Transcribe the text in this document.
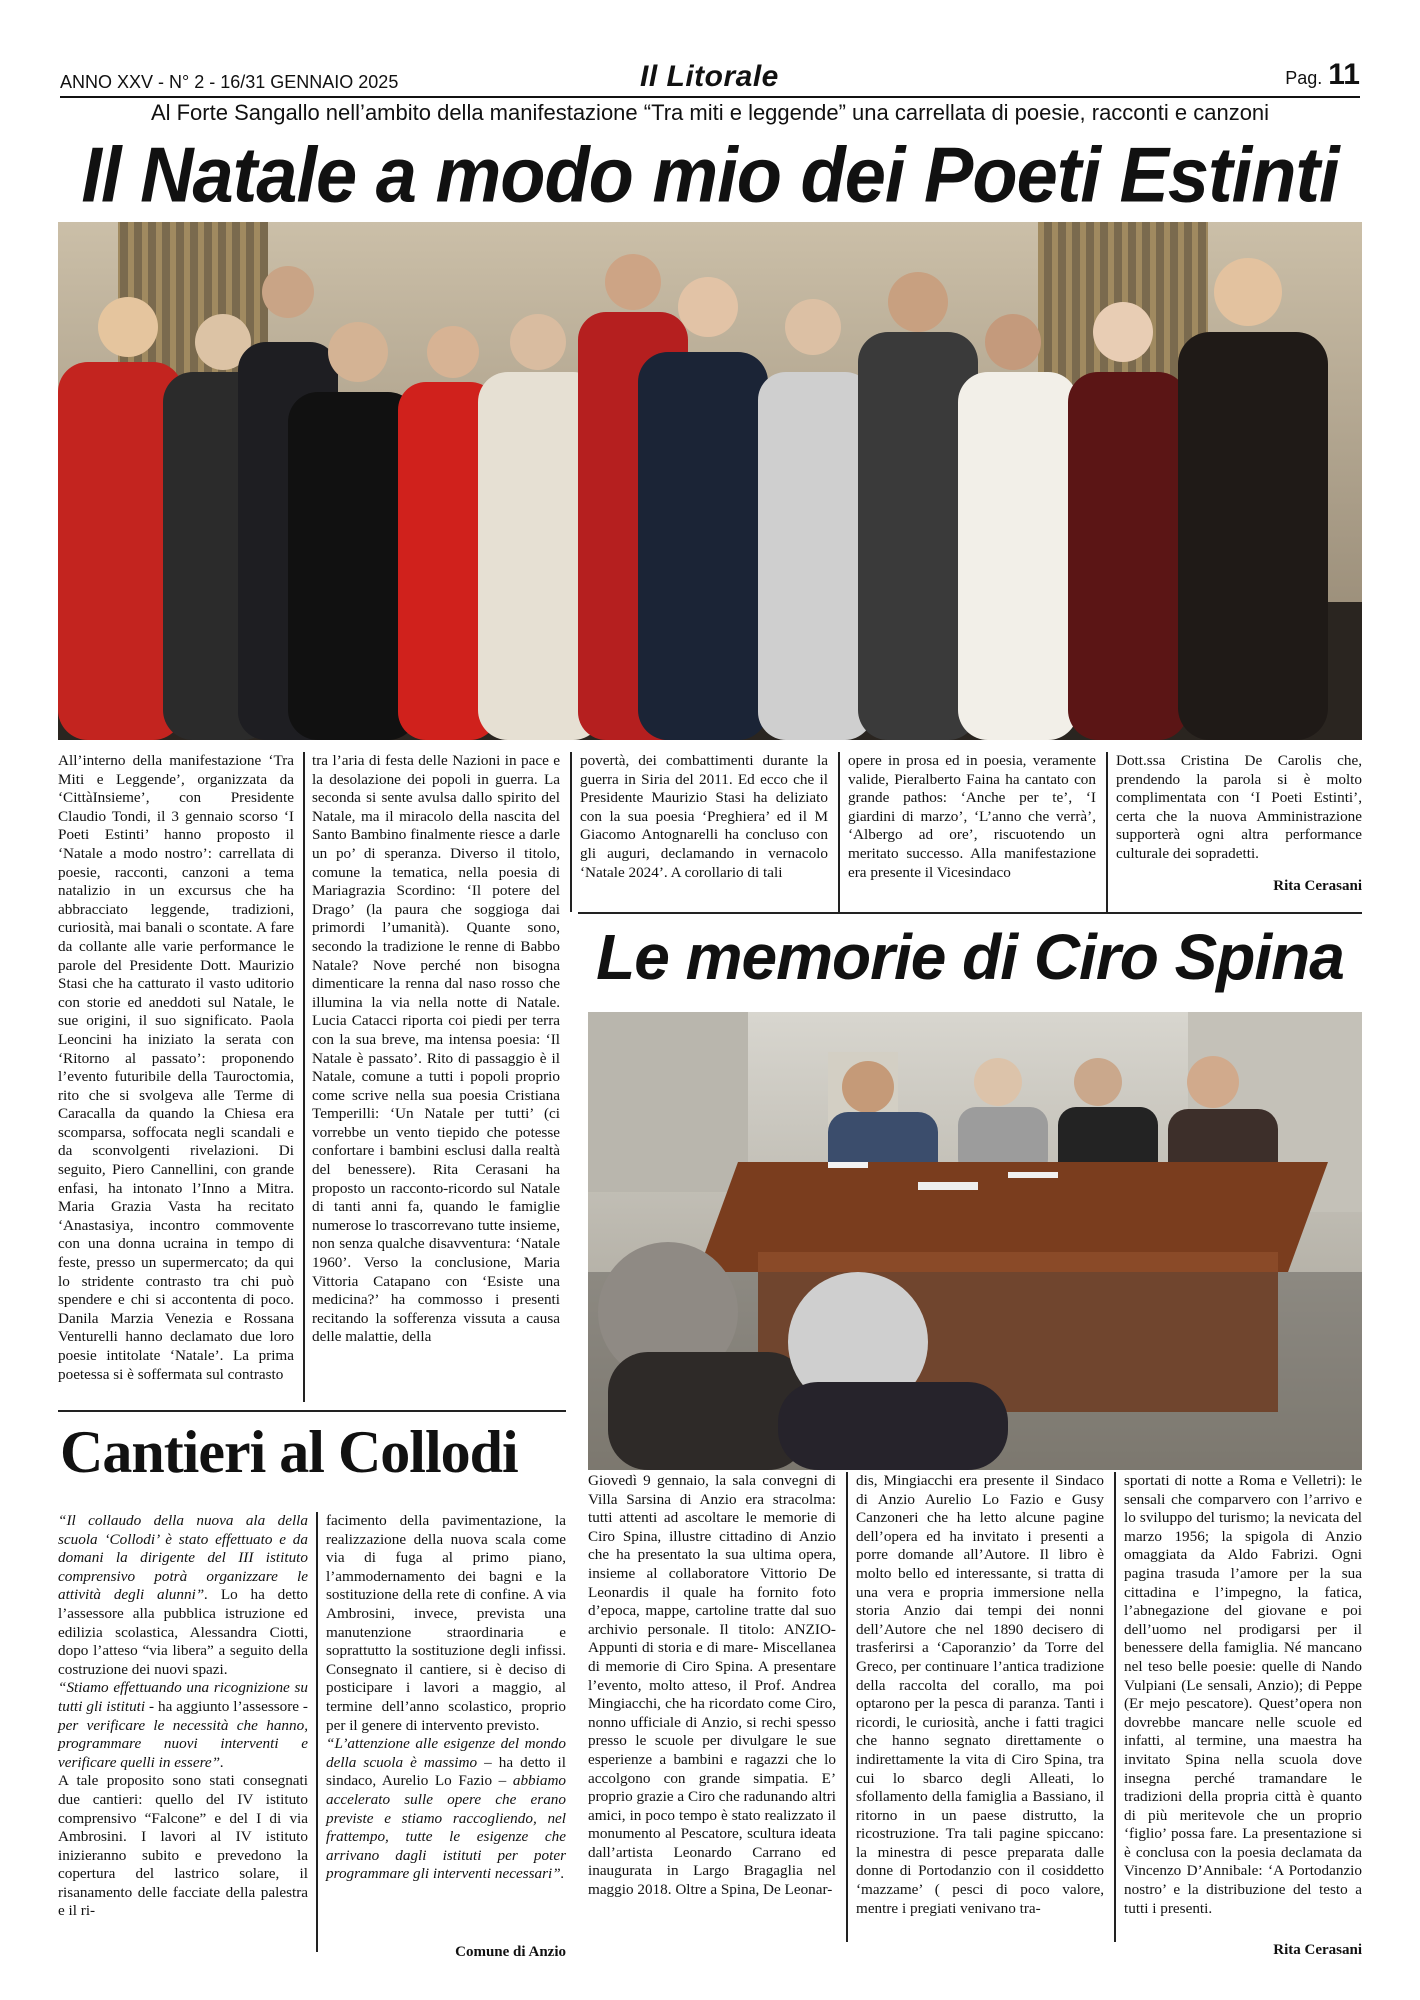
ANNO XXV - N° 2 - 16/31 GENNAIO 2025	Il Litorale	Pag. 11
Al Forte Sangallo nell’ambito della manifestazione “Tra miti e leggende” una carrellata di poesie, racconti e canzoni
Il Natale a modo mio dei Poeti Estinti
All’interno della manifestazione ‘Tra Miti e Leggende’, organizzata da ‘CittàInsieme’, con Presidente Claudio Tondi, il 3 gennaio scorso ‘I Poeti Estinti’ hanno proposto il ‘Natale a modo nostro’: carrellata di poesie, racconti, canzoni a tema natalizio in un excursus che ha abbracciato leggende, tradizioni, curiosità, mai banali o scontate. A fare da collante alle varie performance le parole del Presidente Dott. Maurizio Stasi che ha catturato il vasto uditorio con storie ed aneddoti sul Natale, le sue origini, il suo significato. Paola Leoncini ha iniziato la serata con ‘Ritorno al passato’: proponendo l’evento futuribile della Tauroctomia, rito che si svolgeva alle Terme di Caracalla da quando la Chiesa era scomparsa, soffocata negli scandali e da sconvolgenti rivelazioni. Di seguito, Piero Cannellini, con grande enfasi, ha intonato l’Inno a Mitra. Maria Grazia Vasta ha recitato ‘Anastasiya, incontro commovente con una donna ucraina in tempo di feste, presso un supermercato; da qui lo stridente contrasto tra chi può spendere e chi si accontenta di poco. Danila Marzia Venezia e Rossana Venturelli hanno declamato due loro poesie intitolate ‘Natale’. La prima poetessa si è soffermata sul contrasto
tra l’aria di festa delle Nazioni in pace e la desolazione dei popoli in guerra. La seconda si sente avulsa dallo spirito del Natale, ma il miracolo della nascita del Santo Bambino finalmente riesce a darle un po’ di speranza. Diverso il titolo, comune la tematica, nella poesia di Mariagrazia Scordino: ‘Il potere del Drago’ (la paura che soggioga dai primordi l’umanità). Quante sono, secondo la tradizione le renne di Babbo Natale? Nove perché non bisogna dimenticare la renna dal naso rosso che illumina la via nella notte di Natale. Lucia Catacci riporta coi piedi per terra con la sua breve, ma intensa poesia: ‘Il Natale è passato’. Rito di passaggio è il Natale, comune a tutti i popoli proprio come scrive nella sua poesia Cristiana Temperilli: ‘Un Natale per tutti’ (ci vorrebbe un vento tiepido che potesse confortare i bambini esclusi dalla realtà del benessere). Rita Cerasani ha proposto un racconto-ricordo sul Natale di tanti anni fa, quando le famiglie numerose lo trascorrevano tutte insieme, non senza qualche disavventura: ‘Natale 1960’. Verso la conclusione, Maria Vittoria Catapano con ‘Esiste una medicina?’ ha commosso i presenti recitando la sofferenza vissuta a causa delle malattie, della
povertà, dei combattimenti durante la guerra in Siria del 2011. Ed ecco che il Presidente Maurizio Stasi ha deliziato con la sua poesia ‘Preghiera’ ed il M Giacomo Antognarelli ha concluso con gli auguri, declamando in vernacolo ‘Natale 2024’. A corollario di tali
opere in prosa ed in poesia, veramente valide, Pieralberto Faina ha cantato con grande pathos: ‘Anche per te’, ‘I giardini di marzo’, ‘L’anno che verrà’, ‘Albergo ad ore’, riscuotendo un meritato successo. Alla manifestazione era presente il Vicesindaco
Dott.ssa Cristina De Carolis che, prendendo la parola si è molto complimentata con ‘I Poeti Estinti’, certa che la nuova Amministrazione supporterà ogni altra performance culturale dei sopradetti.
Rita Cerasani
Le memorie di Ciro Spina
Giovedì 9 gennaio, la sala convegni di Villa Sarsina di Anzio era stracolma: tutti attenti ad ascoltare le memorie di Ciro Spina, illustre cittadino di Anzio che ha presentato la sua ultima opera, insieme al collaboratore Vittorio De Leonardis il quale ha fornito foto d’epoca, mappe, cartoline tratte dal suo archivio personale. Il titolo: ANZIO- Appunti di storia e di mare- Miscellanea di memorie di Ciro Spina. A presentare l’evento, molto atteso, il Prof. Andrea Mingiacchi, che ha ricordato come Ciro, nonno ufficiale di Anzio, si rechi spesso presso le scuole per divulgare le sue esperienze a bambini e ragazzi che lo accolgono con grande simpatia. E’ proprio grazie a Ciro che radunando altri amici, in poco tempo è stato realizzato il monumento al Pescatore, scultura ideata dall’artista Leonardo Carrano ed inaugurata in Largo Bragaglia nel maggio 2018. Oltre a Spina, De Leonar-
dis, Mingiacchi era presente il Sindaco di Anzio Aurelio Lo Fazio e Gusy Canzoneri che ha letto alcune pagine dell’opera ed ha invitato i presenti a porre domande all’Autore. Il libro è molto bello ed interessante, si tratta di una vera e propria immersione nella storia Anzio dai tempi dei nonni dell’Autore che nel 1890 decisero di trasferirsi a ‘Caporanzio’ da Torre del Greco, per continuare l’antica tradizione della raccolta del corallo, ma poi optarono per la pesca di paranza. Tanti i ricordi, le curiosità, anche i fatti tragici che hanno segnato direttamente o indirettamente la vita di Ciro Spina, tra cui lo sbarco degli Alleati, lo sfollamento della famiglia a Bassiano, il ritorno in un paese distrutto, la ricostruzione. Tra tali pagine spiccano: la minestra di pesce preparata dalle donne di Portodanzio con il cosiddetto ‘mazzame’ ( pesci di poco valore, mentre i pregiati venivano tra-
sportati di notte a Roma e Velletri): le sensali che comparvero con l’arrivo e lo sviluppo del turismo; la nevicata del marzo 1956; la spigola di Anzio omaggiata da Aldo Fabrizi. Ogni pagina trasuda l’amore per la sua cittadina e l’impegno, la fatica, l’abnegazione del giovane e poi dell’uomo nel prodigarsi per il benessere della famiglia. Né mancano nel teso belle poesie: quelle di Nando Vulpiani (Le sensali, Anzio); di Peppe (Er mejo pescatore). Quest’opera non dovrebbe mancare nelle scuole ed infatti, al termine, una maestra ha invitato Spina nella scuola dove insegna perché tramandare le tradizioni della propria città è quanto di più meritevole che un proprio ‘figlio’ possa fare. La presentazione si è conclusa con la poesia declamata da Vincenzo D’Annibale: ‘A Portodanzio nostro’ e la distribuzione del testo a tutti i presenti.
Rita Cerasani
Cantieri al Collodi
“Il collaudo della nuova ala della scuola ‘Collodi’ è stato effettuato e da domani la dirigente del III istituto comprensivo potrà organizzare le attività degli alunni”. Lo ha detto l’assessore alla pubblica istruzione ed edilizia scolastica, Alessandra Ciotti, dopo l’atteso “via libera” a seguito della costruzione dei nuovi spazi.
“Stiamo effettuando una ricognizione su tutti gli istituti - ha aggiunto l’assessore - per verificare le necessità che hanno, programmare nuovi interventi e verificare quelli in essere”.
A tale proposito sono stati consegnati due cantieri: quello del IV istituto comprensivo “Falcone” e del I di via Ambrosini. I lavori al IV istituto inizieranno subito e prevedono la copertura del lastrico solare, il risanamento delle facciate della palestra e il ri-
facimento della pavimentazione, la realizzazione della nuova scala come via di fuga al primo piano, l’ammodernamento dei bagni e la sostituzione della rete di confine. A via Ambrosini, invece, prevista una manutenzione straordinaria e soprattutto la sostituzione degli infissi. Consegnato il cantiere, si è deciso di posticipare i lavori a maggio, al termine dell’anno scolastico, proprio per il genere di intervento previsto.
“L’attenzione alle esigenze del mondo della scuola è massimo – ha detto il sindaco, Aurelio Lo Fazio – abbiamo accelerato sulle opere che erano previste e stiamo raccogliendo, nel frattempo, tutte le esigenze che arrivano dagli istituti per poter programmare gli interventi necessari”.
Comune di Anzio
